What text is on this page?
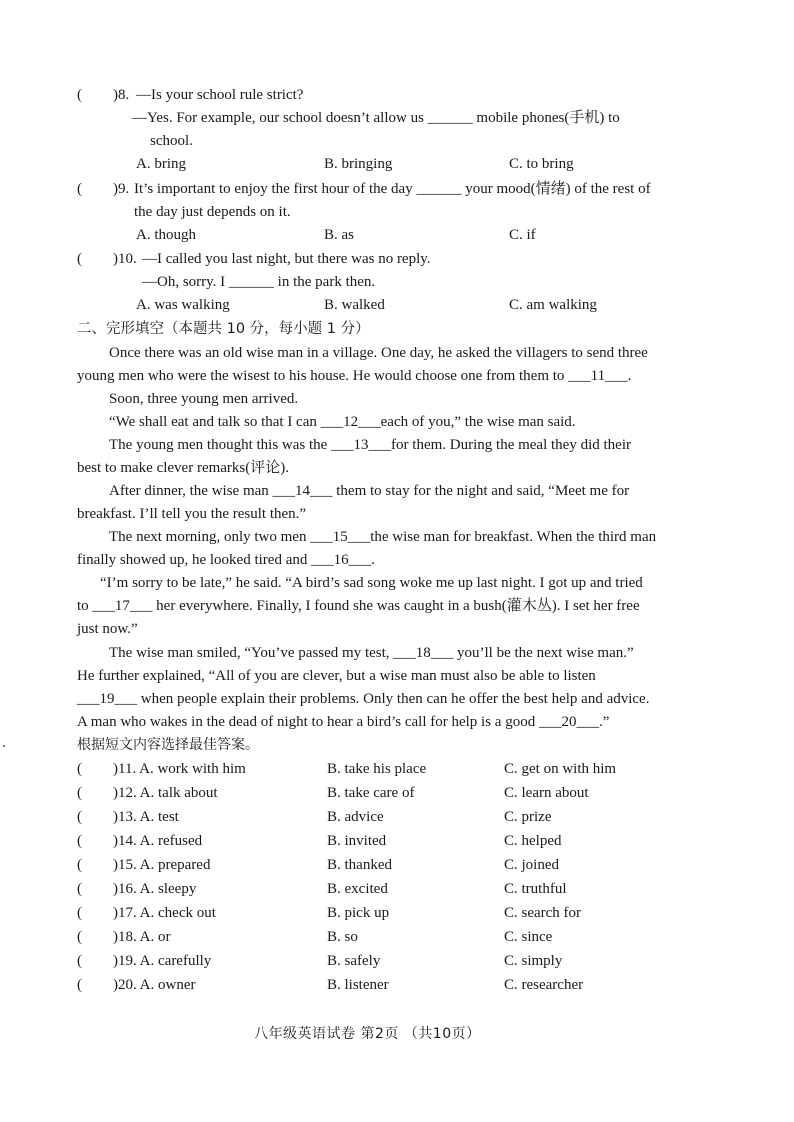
( )8. —Is your school rule strict?
—Yes. For example, our school doesn’t allow us ______ mobile phones(手机) to
school.
A. bring	B. bringing	C. to bring
( )9. It’s important to enjoy the first hour of the day ______ your mood(情绪) of the rest of
the day just depends on it.
A. though	B. as	C. if
( )10. —I called you last night, but there was no reply.
—Oh, sorry. I ______ in the park then.
A. was walking	B. walked	C. am walking
二、完形填空（本题共 10 分，每小题 1 分）
Once there was an old wise man in a village. One day, he asked the villagers to send three
young men who were the wisest to his house. He would choose one from them to ___11___.
Soon, three young men arrived.
“We shall eat and talk so that I can ___12___each of you,” the wise man said.
The young men thought this was the ___13___for them. During the meal they did their
best to make clever remarks(评论).
After dinner, the wise man ___14___ them to stay for the night and said, “Meet me for
breakfast. I’ll tell you the result then.”
The next morning, only two men ___15___the wise man for breakfast. When the third man
finally showed up, he looked tired and ___16___.
“I’m sorry to be late,” he said. “A bird’s sad song woke me up last night. I got up and tried
to ___17___ her everywhere. Finally, I found she was caught in a bush(灌木丛). I set her free
just now.”
The wise man smiled, “You’ve passed my test, ___18___ you’ll be the next wise man.”
He further explained, “All of you are clever, but a wise man must also be able to listen
___19___ when people explain their problems. Only then can he offer the best help and advice.
A man who wakes in the dead of night to hear a bird’s call for help is a good ___20___.”
根据短文内容选择最佳答案。
( )11. A. work with him	B. take his place	C. get on with him
( )12. A. talk about	B. take care of	C. learn about
( )13. A. test	B. advice	C. prize
( )14. A. refused	B. invited	C. helped
( )15. A. prepared	B. thanked	C. joined
( )16. A. sleepy	B. excited	C. truthful
( )17. A. check out	B. pick up	C. search for
( )18. A. or	B. so	C. since
( )19. A. carefully	B. safely	C. simply
( )20. A. owner	B. listener	C. researcher
八年级英语试卷 第2页 （共10页）
